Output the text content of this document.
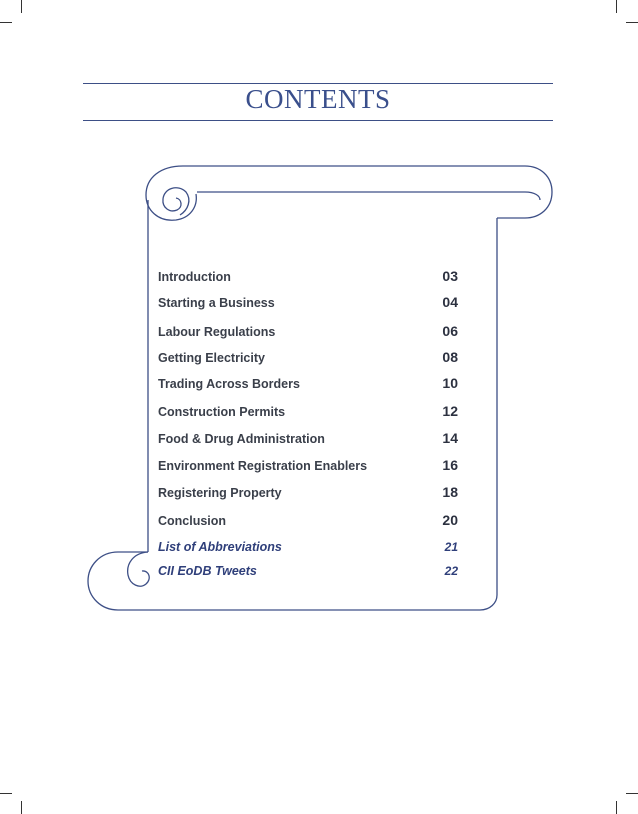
CONTENTS
Introduction	03
Starting a Business	04
Labour Regulations	06
Getting Electricity	08
Trading Across Borders	10
Construction Permits	12
Food & Drug Administration	14
Environment Registration Enablers	16
Registering Property	18
Conclusion	20
List of Abbreviations	21
CII EoDB Tweets	22
